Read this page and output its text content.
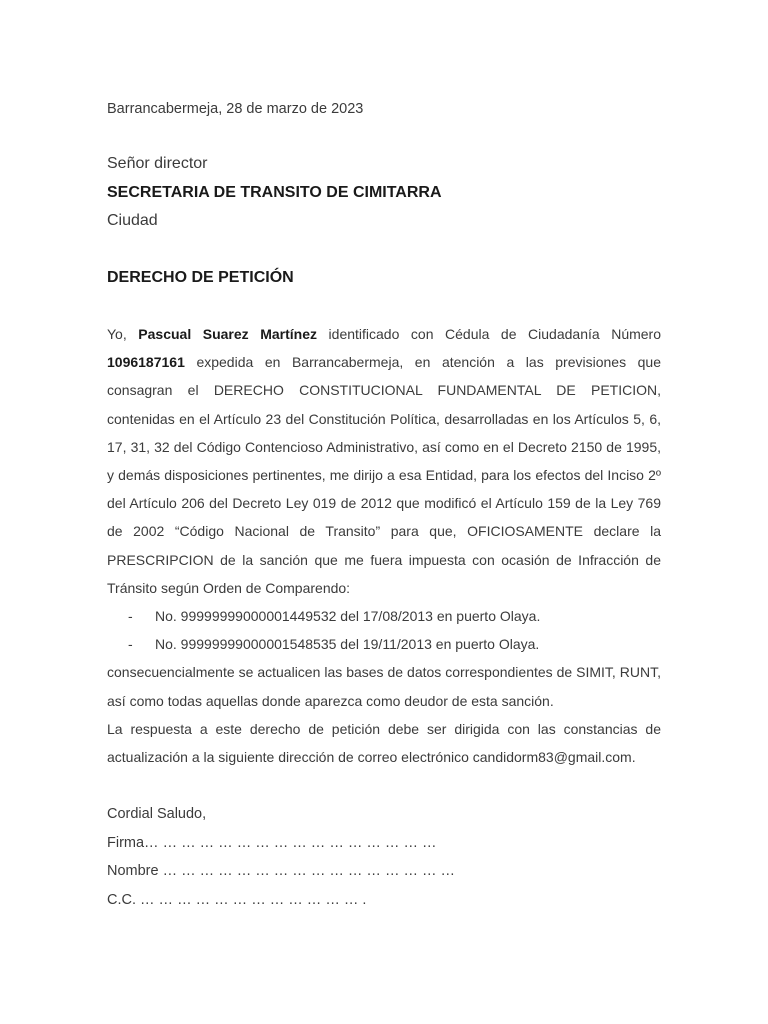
Barrancabermeja, 28 de marzo de 2023
Señor director
SECRETARIA DE TRANSITO DE CIMITARRA
Ciudad
DERECHO DE PETICIÓN

Yo, Pascual Suarez Martínez identificado con Cédula de Ciudadanía Número 1096187161 expedida en Barrancabermeja, en atención a las previsiones que consagran el DERECHO CONSTITUCIONAL FUNDAMENTAL DE PETICION, contenidas en el Artículo 23 del Constitución Política, desarrolladas en los Artículos 5, 6, 17, 31, 32 del Código Contencioso Administrativo, así como en el Decreto 2150 de 1995, y demás disposiciones pertinentes, me dirijo a esa Entidad, para los efectos del Inciso 2º del Artículo 206 del Decreto Ley 019 de 2012 que modificó el Artículo 159 de la Ley 769 de 2002 “Código Nacional de Transito” para que, OFICIOSAMENTE declare la PRESCRIPCION de la sanción que me fuera impuesta con ocasión de Infracción de Tránsito según Orden de Comparendo:

- No. 99999999000001449532 del 17/08/2013 en puerto Olaya.
- No. 99999999000001548535 del 19/11/2013 en puerto Olaya.

consecuencialmente se actualicen las bases de datos correspondientes de SIMIT, RUNT, así como todas aquellas donde aparezca como deudor de esta sanción.

La respuesta a este derecho de petición debe ser dirigida con las constancias de actualización a la siguiente dirección de correo electrónico candidorm83@gmail.com.

Cordial Saludo,
Firma… … … … … … … … … … … … … … … …
Nombre … … … … … … … … … … … … … … … …
C.C. … … … … … … … … … … … … .
